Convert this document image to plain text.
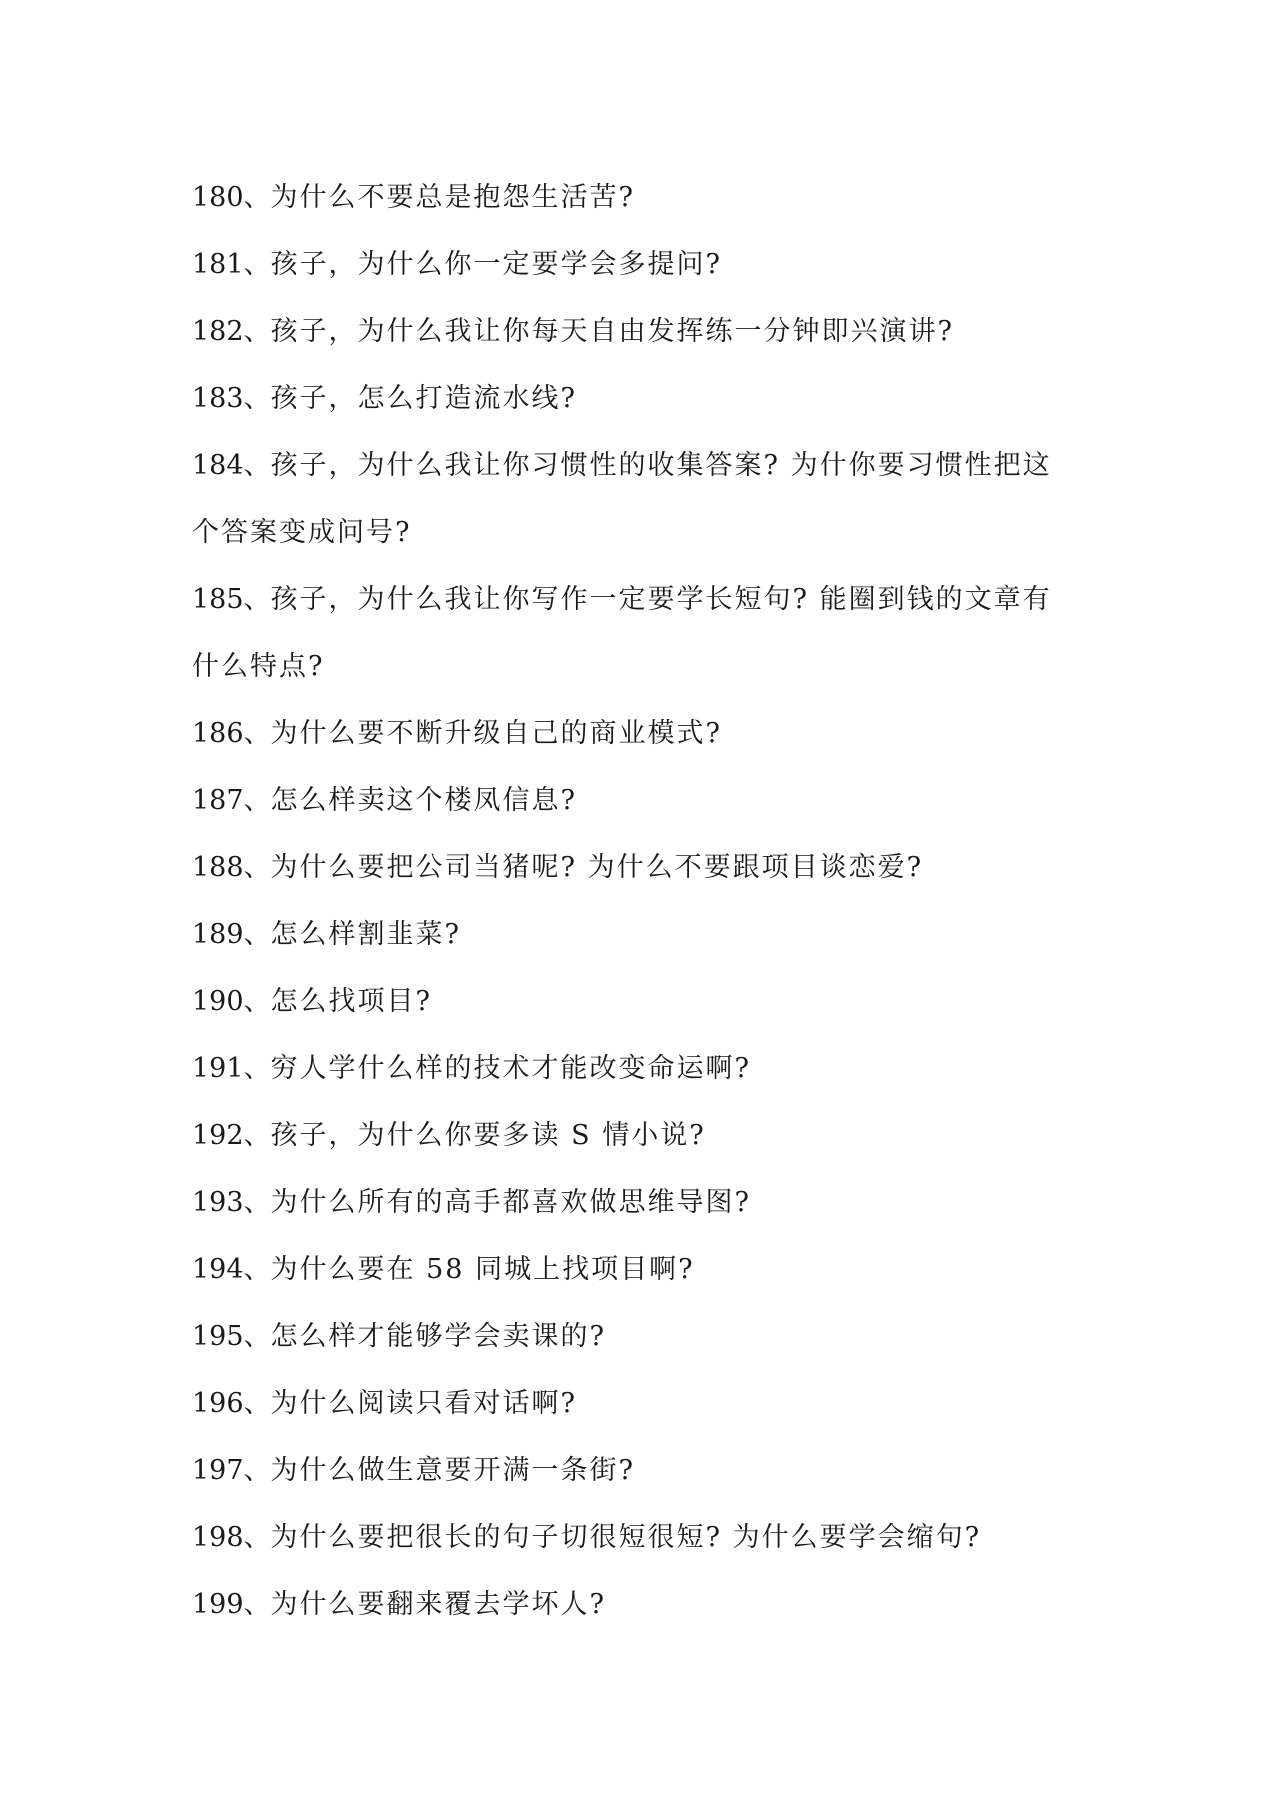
180、为什么不要总是抱怨生活苦?
181、孩子，为什么你一定要学会多提问?
182、孩子，为什么我让你每天自由发挥练一分钟即兴演讲?
183、孩子，怎么打造流水线?
184、孩子，为什么我让你习惯性的收集答案? 为什你要习惯性把这
个答案变成问号?
185、孩子，为什么我让你写作一定要学长短句? 能圈到钱的文章有
什么特点?
186、为什么要不断升级自己的商业模式?
187、怎么样卖这个楼凤信息?
188、为什么要把公司当猪呢? 为什么不要跟项目谈恋爱?
189、怎么样割韭菜?
190、怎么找项目?
191、穷人学什么样的技术才能改变命运啊?
192、孩子，为什么你要多读 S 情小说?
193、为什么所有的高手都喜欢做思维导图?
194、为什么要在 58 同城上找项目啊?
195、怎么样才能够学会卖课的?
196、为什么阅读只看对话啊?
197、为什么做生意要开满一条街?
198、为什么要把很长的句子切很短很短? 为什么要学会缩句?
199、为什么要翻来覆去学坏人?
